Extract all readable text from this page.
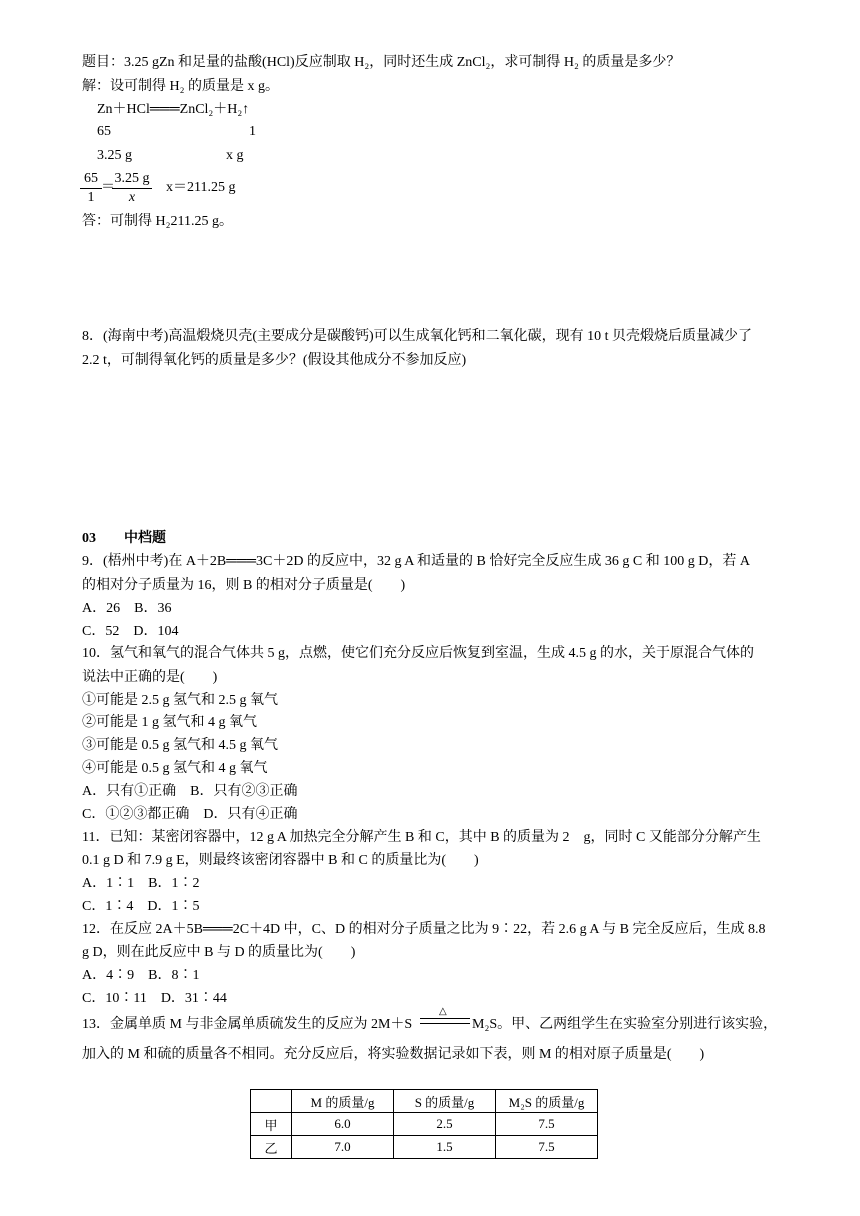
题目：3.25 gZn 和足量的盐酸(HCl)反应制取 H₂，同时还生成 ZnCl₂，求可制得 H₂ 的质量是多少？
解：设可制得 H₂ 的质量是 x g。
Zn＋HCl═══ZnCl₂＋H₂↑
65	1
3.25 g	x g
$\frac{65}{1}$ ＝
$\frac{3.25 g}{x} x=211.25$ g
答：可制得 H₂211.25 g。
8．(海南中考)高温煅烧贝壳(主要成分是碳酸钙)可以生成氧化钙和二氧化碳，现有 10 t 贝壳煅烧后质量减少了
2.2 t，可制得氧化钙的质量是多少？(假设其他成分不参加反应)
03　　中档题
9．(梧州中考)在 A＋2B═══3C＋2D 的反应中，32 g A 和适量的 B 恰好完全反应生成 36 g C 和 100 g D，若 A
的相对分子质量为 16，则 B 的相对分子质量是(　　)
A．26　B．36
C．52　D．104
10．氢气和氧气的混合气体共 5 g，点燃，使它们充分反应后恢复到室温，生成 4.5 g 的水，关于原混合气体的
说法中正确的是(　　)
①可能是 2.5 g 氢气和 2.5 g 氧气
②可能是 1 g 氢气和 4 g 氧气
③可能是 0.5 g 氢气和 4.5 g 氧气
④可能是 0.5 g 氢气和 4 g 氧气
A．只有①正确　B．只有②③正确
C．①②③都正确　D．只有④正确
11．已知：某密闭容器中，12 g A 加热完全分解产生 B 和 C，其中 B 的质量为 2　g，同时 C 又能部分分解产生
0.1 g D 和 7.9 g E，则最终该密闭容器中 B 和 C 的质量比为(　　)
A．1∶1　B．1∶2
C．1∶4　D．1∶5
12．在反应 2A＋5B═══2C＋4D 中，C、D 的相对分子质量之比为 9∶22，若 2.6 g A 与 B 完全反应后，生成 8.8
g D，则在此反应中 B 与 D 的质量比为(　　)
A．4∶9　B．8∶1
C．10∶11　D．31∶44
13．金属单质 M 与非金属单质硫发生的反应为 2M＋S
△
M₂S。甲、乙两组学生在实验室分别进行该实验，
加入的 M 和硫的质量各不相同。充分反应后，将实验数据记录如下表，则 M 的相对原子质量是(　　)
	M 的质量/g	S 的质量/g	M₂S 的质量/g
甲	6.0	2.5	7.5
乙	7.0	1.5	7.5
